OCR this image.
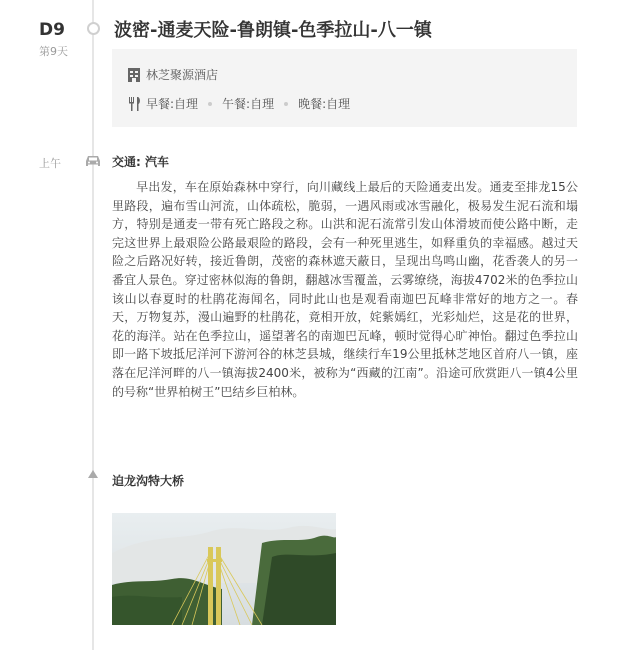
D9
第9天
波密-通麦天险-鲁朗镇-色季拉山-八一镇
林芝聚源酒店
早餐:自理 午餐:自理 晚餐:自理
上午	交通: 汽车
早出发，车在原始森林中穿行，向川藏线上最后的天险通麦出发。通麦至排龙15公里路段，遍布雪山河流，山体疏松，脆弱，一遇风雨或冰雪融化，极易发生泥石流和塌方，特别是通麦一带有死亡路段之称。山洪和泥石流常引发山体滑坡而使公路中断，走完这世界上最艰险公路最艰险的路段，会有一种死里逃生，如释重负的幸福感。越过天险之后路况好转，接近鲁朗，茂密的森林遮天蔽日，呈现出鸟鸣山幽，花香袭人的另一番宜人景色。穿过密林似海的鲁朗，翻越冰雪覆盖，云雾缭绕，海拔4702米的色季拉山该山以春夏时的杜鹃花海闻名，同时此山也是观看南迦巴瓦峰非常好的地方之一。春天，万物复苏，漫山遍野的杜鹃花，竟相开放，姹紫嫣红，光彩灿烂，这是花的世界，花的海洋。站在色季拉山，遥望著名的南迦巴瓦峰，顿时觉得心旷神怡。翻过色季拉山即一路下坡抵尼洋河下游河谷的林芝县城，继续行车19公里抵林芝地区首府八一镇，座落在尼洋河畔的八一镇海拔2400米，被称为“西藏的江南”。沿途可欣赏距八一镇4公里的号称“世界柏树王”巴结乡巨柏林。
迫龙沟特大桥
